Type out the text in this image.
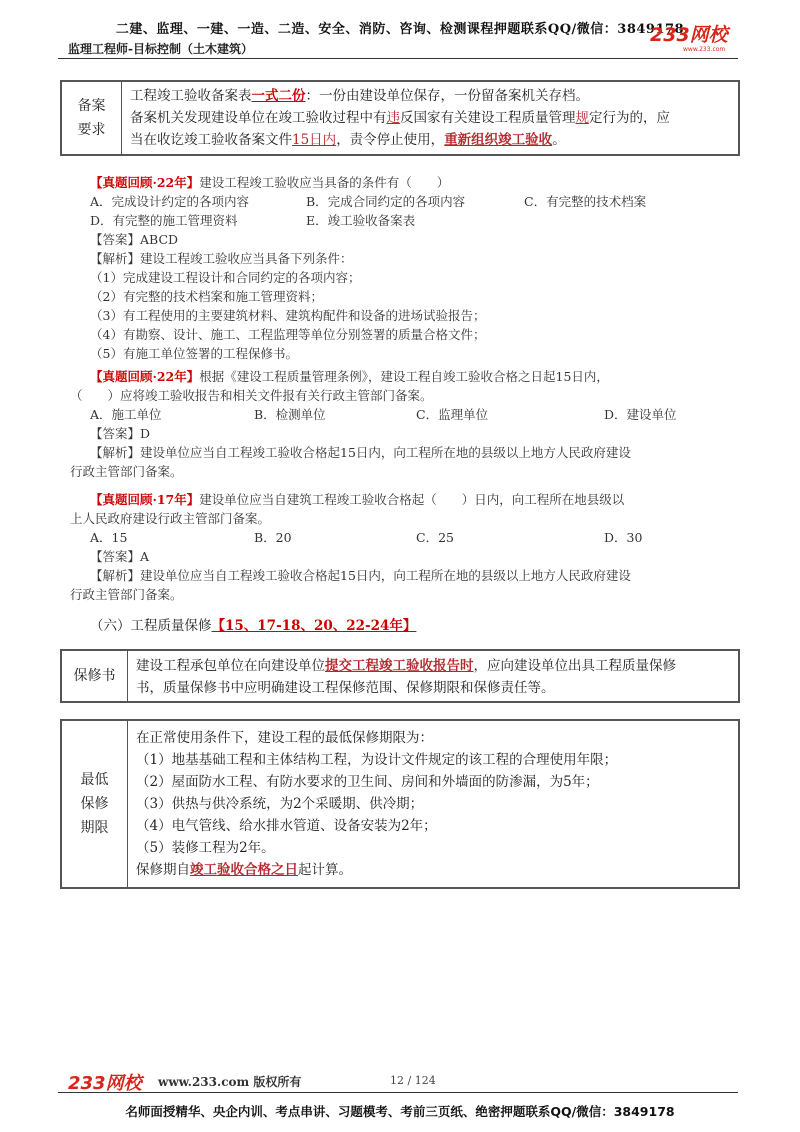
二建、监理、一建、一造、二造、安全、消防、咨询、检测课程押题联系QQ/微信：3849178
监理工程师-目标控制（土木建筑）
233网校
www.233.com
备案
要求

工程竣工验收备案表一式二份：一份由建设单位保存，一份留备案机关存档。

备案机关发现建设单位在竣工验收过程中有违反国家有关建设工程质量管理规定行为的，应

当在收讫竣工验收备案文件15日内，责令停止使用，重新组织竣工验收。

【真题回顾·22年】建设工程竣工验收应当具备的条件有（　　）
A．完成设计约定的各项内容	B．完成合同约定的各项内容	C．有完整的技术档案
D．有完整的施工管理资料	E．竣工验收备案表
【答案】ABCD
【解析】建设工程竣工验收应当具备下列条件：
（1）完成建设工程设计和合同约定的各项内容；
（2）有完整的技术档案和施工管理资料；
（3）有工程使用的主要建筑材料、建筑构配件和设备的进场试验报告；
（4）有勘察、设计、施工、工程监理等单位分别签署的质量合格文件；
（5）有施工单位签署的工程保修书。
【真题回顾·22年】根据《建设工程质量管理条例》，建设工程自竣工验收合格之日起15日内，
（　　）应将竣工验收报告和相关文件报有关行政主管部门备案。
A．施工单位	B．检测单位	C．监理单位	D．建设单位
【答案】D
【解析】建设单位应当自工程竣工验收合格起15日内，向工程所在地的县级以上地方人民政府建设
行政主管部门备案。
【真题回顾·17年】建设单位应当自建筑工程竣工验收合格起（　　）日内，向工程所在地县级以
上人民政府建设行政主管部门备案。
A．15	B．20	C．25	D．30
【答案】A
【解析】建设单位应当自工程竣工验收合格起15日内，向工程所在地的县级以上地方人民政府建设
行政主管部门备案。
（六）工程质量保修【15、17-18、20、22-24年】
保修书

建设工程承包单位在向建设单位提交工程竣工验收报告时，应向建设单位出具工程质量保修

书，质量保修书中应明确建设工程保修范围、保修期限和保修责任等。

最低
保修
期限

在正常使用条件下，建设工程的最低保修期限为：

（1）地基基础工程和主体结构工程，为设计文件规定的该工程的合理使用年限；

（2）屋面防水工程、有防水要求的卫生间、房间和外墙面的防渗漏，为5年；

（3）供热与供冷系统，为2个采暖期、供冷期；

（4）电气管线、给水排水管道、设备安装为2年；

（5）装修工程为2年。

保修期自竣工验收合格之日起计算。

233网校 www.233.com 版权所有	12 / 124
名师面授精华、央企内训、考点串讲、习题模考、考前三页纸、绝密押题联系QQ/微信：3849178
